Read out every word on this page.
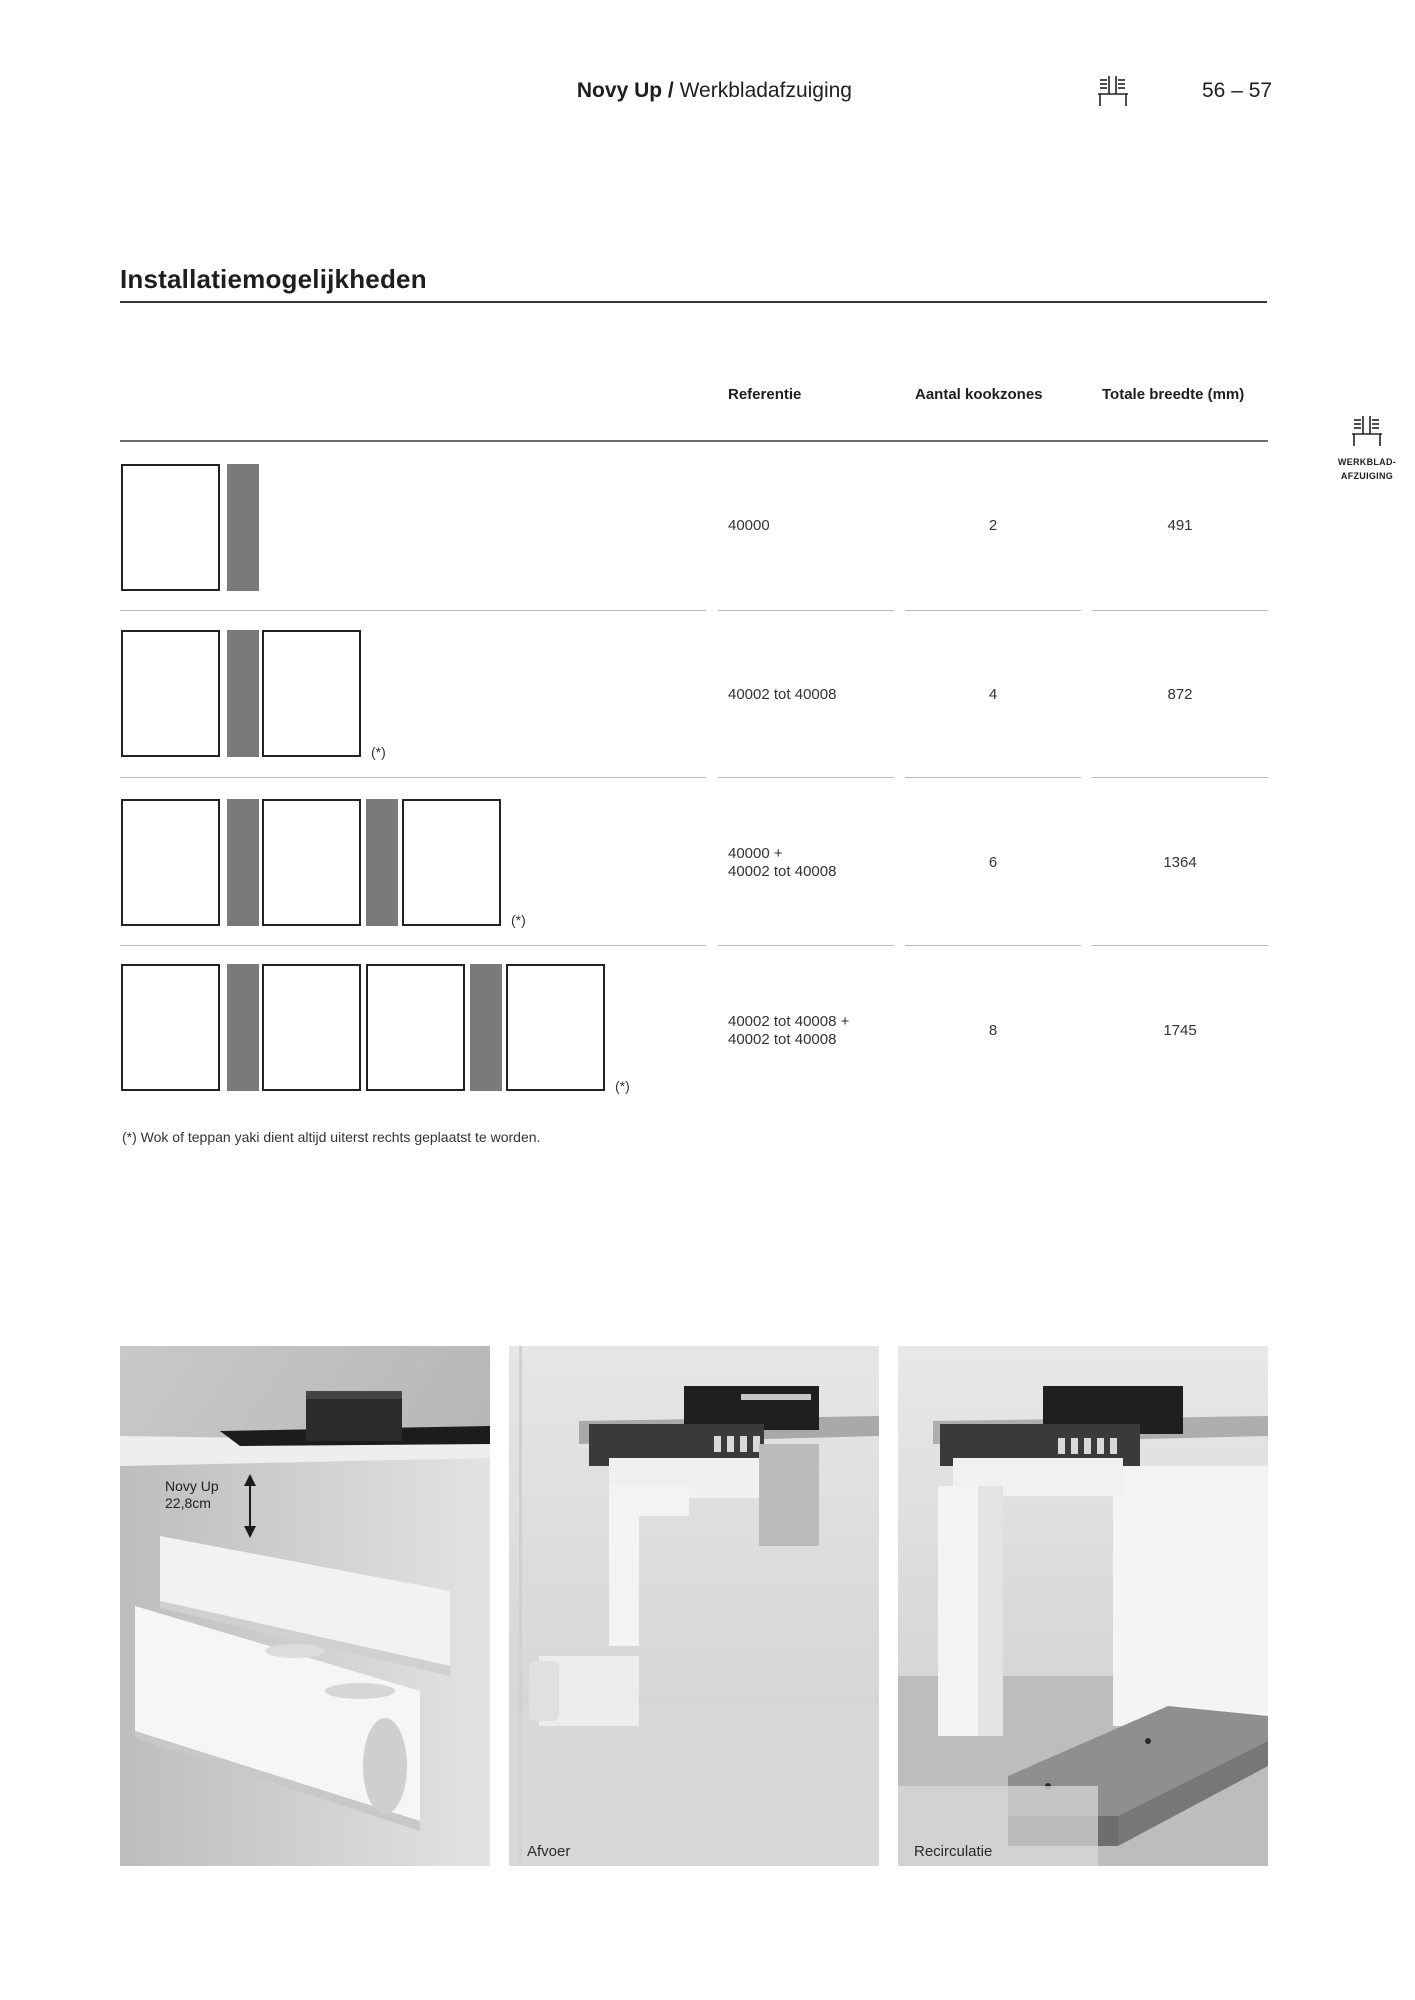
Novy Up / Werkbladafzuiging	56 – 57
Installatiemogelijkheden
WERKBLAD-
AFZUIGING
Referentie	Aantal kookzones	Totale breedte (mm)
40000	2	491
(*)
40002 tot 40008	4	872
(*)
40000 +
40002 tot 40008
6	1364
(*)
40002 tot 40008 +
40002 tot 40008
8	1745
(*) Wok of teppan yaki dient altijd uiterst rechts geplaatst te worden.
Novy Up
22,8cm
Afvoer	Recirculatie
